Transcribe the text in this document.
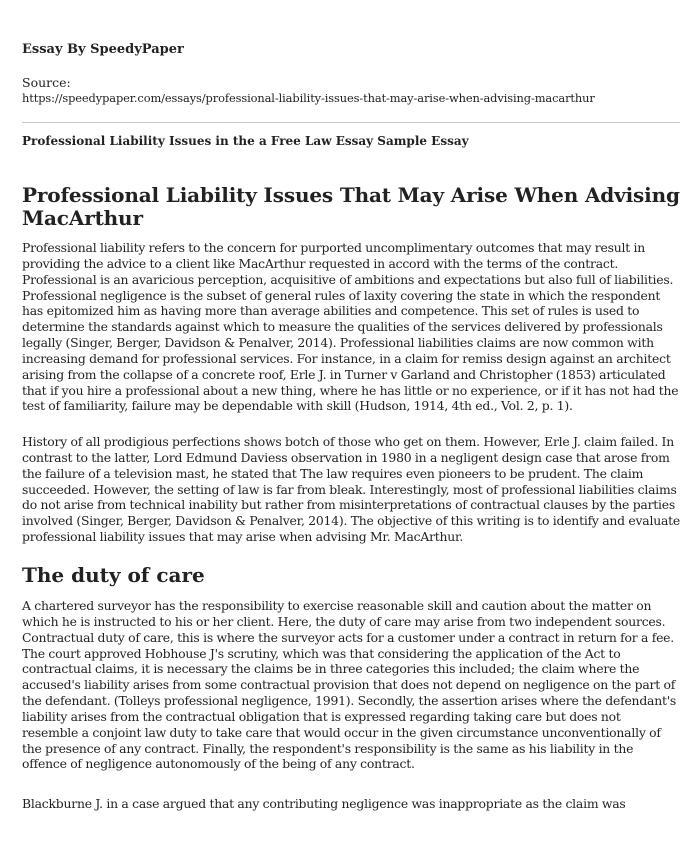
Essay By SpeedyPaper

Source:

https://speedypaper.com/essays/professional-liability-issues-that-may-arise-when-advising-macarthur

Professional Liability Issues in the a Free Law Essay Sample Essay

Professional Liability Issues That May Arise When Advising MacArthur

Professional liability refers to the concern for purported uncomplimentary outcomes that may result in providing the advice to a client like MacArthur requested in accord with the terms of the contract. Professional is an avaricious perception, acquisitive of ambitions and expectations but also full of liabilities. Professional negligence is the subset of general rules of laxity covering the state in which the respondent has epitomized him as having more than average abilities and competence. This set of rules is used to determine the standards against which to measure the qualities of the services delivered by professionals legally (Singer, Berger, Davidson & Penalver, 2014). Professional liabilities claims are now common with increasing demand for professional services. For instance, in a claim for remiss design against an architect arising from the collapse of a concrete roof, Erle J. in Turner v Garland and Christopher (1853) articulated that if you hire a professional about a new thing, where he has little or no experience, or if it has not had the test of familiarity, failure may be dependable with skill (Hudson, 1914, 4th ed., Vol. 2, p. 1).

History of all prodigious perfections shows botch of those who get on them. However, Erle J. claim failed. In contrast to the latter, Lord Edmund Daviess observation in 1980 in a negligent design case that arose from the failure of a television mast, he stated that The law requires even pioneers to be prudent. The claim succeeded. However, the setting of law is far from bleak. Interestingly, most of professional liabilities claims do not arise from technical inability but rather from misinterpretations of contractual clauses by the parties involved (Singer, Berger, Davidson & Penalver, 2014). The objective of this writing is to identify and evaluate professional liability issues that may arise when advising Mr. MacArthur.

The duty of care

A chartered surveyor has the responsibility to exercise reasonable skill and caution about the matter on which he is instructed to his or her client. Here, the duty of care may arise from two independent sources. Contractual duty of care, this is where the surveyor acts for a customer under a contract in return for a fee. The court approved Hobhouse J's scrutiny, which was that considering the application of the Act to contractual claims, it is necessary the claims be in three categories this included; the claim where the accused's liability arises from some contractual provision that does not depend on negligence on the part of the defendant. (Tolleys professional negligence, 1991). Secondly, the assertion arises where the defendant's liability arises from the contractual obligation that is expressed regarding taking care but does not resemble a conjoint law duty to take care that would occur in the given circumstance unconventionally of the presence of any contract. Finally, the respondent's responsibility is the same as his liability in the offence of negligence autonomously of the being of any contract.

Blackburne J. in a case argued that any contributing negligence was inappropriate as the claim was
